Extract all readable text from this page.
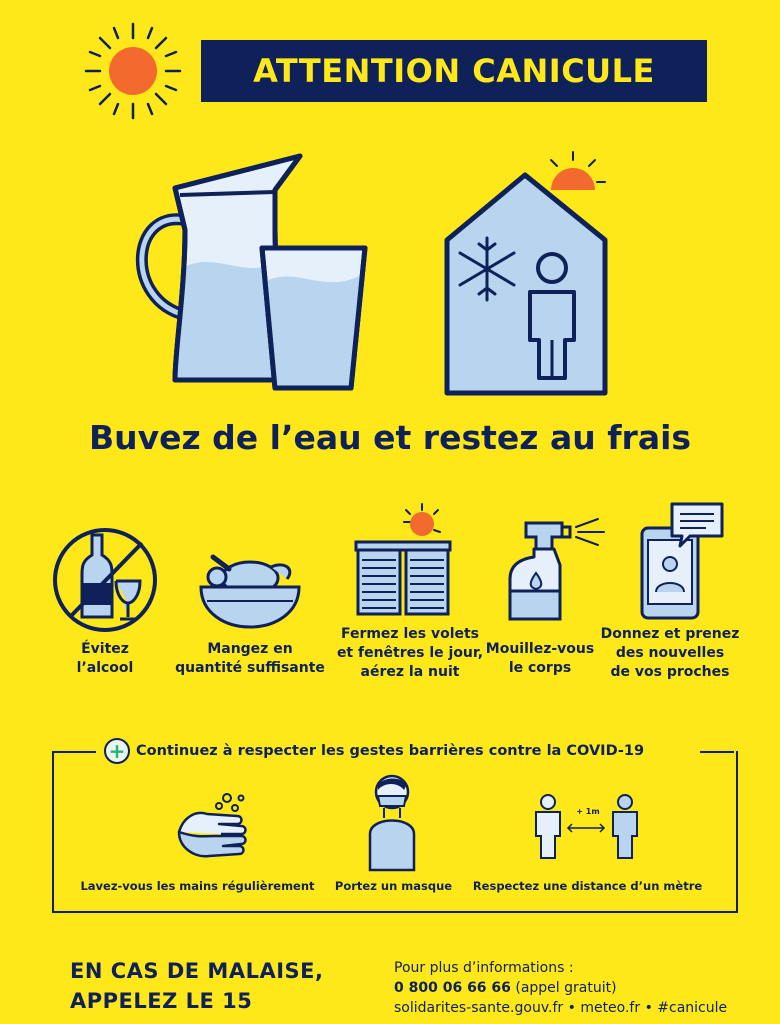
ATTENTION CANICULE
Buvez de l’eau et restez au frais
Évitez
l’alcool
Mangez en
quantité suffisante
Fermez les volets
et fenêtres le jour,
aérez la nuit
Mouillez-vous
le corps
Donnez et prenez
des nouvelles
de vos proches
+ Continuez à respecter les gestes barrières contre la COVID-19
Lavez-vous les mains régulièrement	Portez un masque
+ 1m
Respectez une distance d’un mètre
EN CAS DE MALAISE,
APPELEZ LE 15
Pour plus d’informations :
0 800 06 66 66 (appel gratuit)
solidarites-sante.gouv.fr • meteo.fr • #canicule
